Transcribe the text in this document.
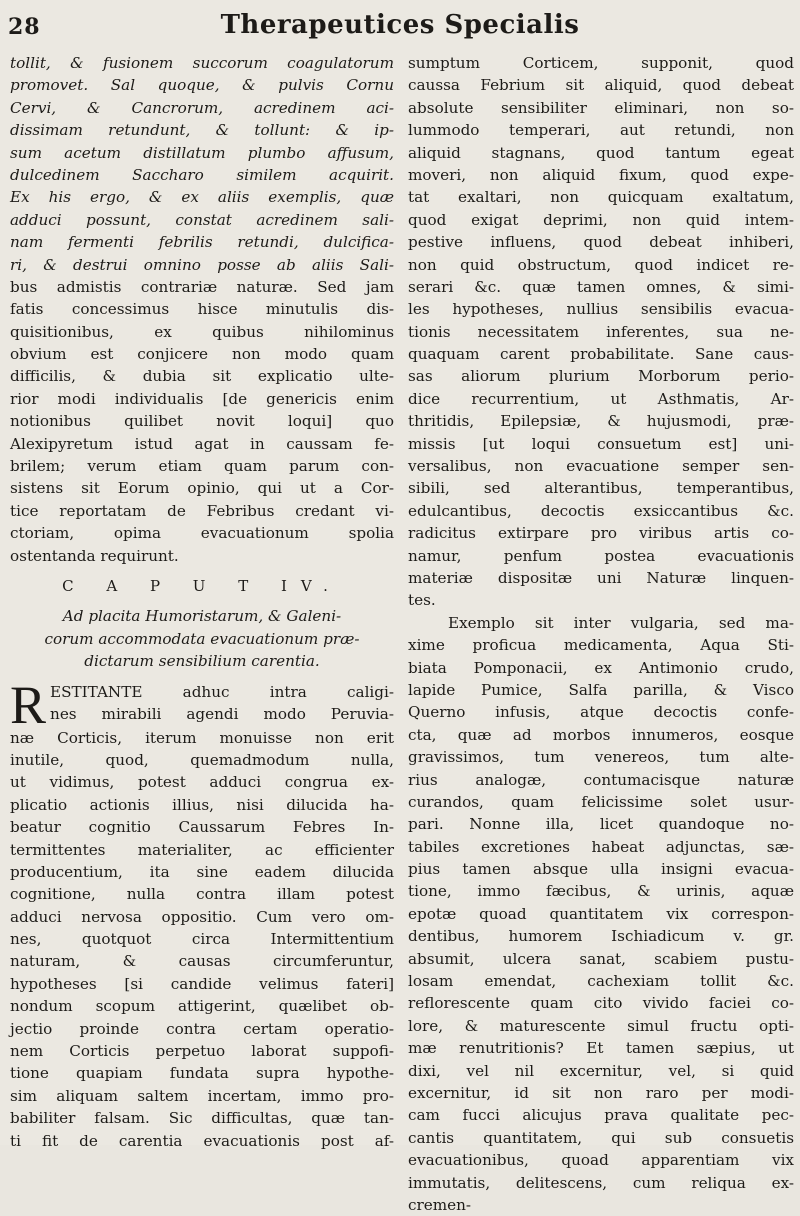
28	Therapeutices Specialis
tollit, & fusionem succorum coagulatorum
promovet. Sal quoque, & pulvis Cornu
Cervi, & Cancrorum, acredinem aci-
dissimam retundunt, & tollunt: & ip-
sum acetum distillatum plumbo affusum,
dulcedinem Saccharo similem acquirit.
Ex his ergo, & ex aliis exemplis, quæ
adduci possunt, constat acredinem sali-
nam fermenti febrilis retundi, dulcifica-
ri, & destrui omnino posse ab aliis Sali-
bus admistis contrariæ naturæ. Sed jam
fatis concessimus hisce minutulis dis-
quisitionibus, ex quibus nihilominus
obvium est conjicere non modo quam
difficilis, & dubia sit explicatio ulte-
rior modi individualis [de genericis enim
notionibus quilibet novit loqui] quo
Alexipyretum istud agat in caussam fe-
brilem; verum etiam quam parum con-
sistens sit Eorum opinio, qui ut a Cor-
tice reportatam de Febribus credant vi-
ctoriam, opima evacuationum spolia
ostentanda requirunt.
C A P U T IV.
Ad placita Humoristarum, & Galeni-
corum accommodata evacuationum præ-
dictarum sensibilium carentia.
R ESTITANTE adhuc intra caligi-
nes mirabili agendi modo Peruvia-
næ Corticis, iterum monuisse non erit
inutile, quod, quemadmodum nulla,
ut vidimus, potest adduci congrua ex-
plicatio actionis illius, nisi dilucida ha-
beatur cognitio Caussarum Febres In-
termittentes materialiter, ac efficienter
producentium, ita sine eadem dilucida
cognitione, nulla contra illam potest
adduci nervosa oppositio. Cum vero om-
nes, quotquot circa Intermittentium
naturam, & causas circumferuntur,
hypotheses [si candide velimus fateri]
nondum scopum attigerint, quælibet ob-
jectio proinde contra certam operatio-
nem Corticis perpetuo laborat suppofi-
tione quapiam fundata supra hypothe-
sim aliquam saltem incertam, immo pro-
babiliter falsam. Sic difficultas, quæ tan-
ti fit de carentia evacuationis post af-
sumptum Corticem, supponit, quod
caussa Febrium sit aliquid, quod debeat
absolute sensibiliter eliminari, non so-
lummodo temperari, aut retundi, non
aliquid stagnans, quod tantum egeat
moveri, non aliquid fixum, quod expe-
tat exaltari, non quicquam exaltatum,
quod exigat deprimi, non quid intem-
pestive influens, quod debeat inhiberi,
non quid obstructum, quod indicet re-
serari &c. quæ tamen omnes, & simi-
les hypotheses, nullius sensibilis evacua-
tionis necessitatem inferentes, sua ne-
quaquam carent probabilitate. Sane caus-
sas aliorum plurium Morborum perio-
dice recurrentium, ut Asthmatis, Ar-
thritidis, Epilepsiæ, & hujusmodi, præ-
missis [ut loqui consuetum est] uni-
versalibus, non evacuatione semper sen-
sibili, sed alterantibus, temperantibus,
edulcantibus, decoctis exsiccantibus &c.
radicitus extirpare pro viribus artis co-
namur, penfum postea evacuationis
materiæ dispositæ uni Naturæ linquen-
tes.
Exemplo sit inter vulgaria, sed ma-
xime proficua medicamenta, Aqua Sti-
biata Pomponacii, ex Antimonio crudo,
lapide Pumice, Salfa parilla, & Visco
Querno infusis, atque decoctis confe-
cta, quæ ad morbos innumeros, eosque
gravissimos, tum venereos, tum alte-
rius analogæ, contumacisque naturæ
curandos, quam felicissime solet usur-
pari. Nonne illa, licet quandoque no-
tabiles excretiones habeat adjunctas, sæ-
pius tamen absque ulla insigni evacua-
tione, immo fæcibus, & urinis, aquæ
epotæ quoad quantitatem vix correspon-
dentibus, humorem Ischiadicum v. gr.
absumit, ulcera sanat, scabiem pustu-
losam emendat, cachexiam tollit &c.
reflorescente quam cito vivido faciei co-
lore, & maturescente simul fructu opti-
mæ renutritionis? Et tamen sæpius, ut
dixi, vel nil excernitur, vel, si quid
excernitur, id sit non raro per modi-
cam fucci alicujus prava qualitate pec-
cantis quantitatem, qui sub consuetis
evacuationibus, quoad apparentiam vix
immutatis, delitescens, cum reliqua ex-
cremen-
